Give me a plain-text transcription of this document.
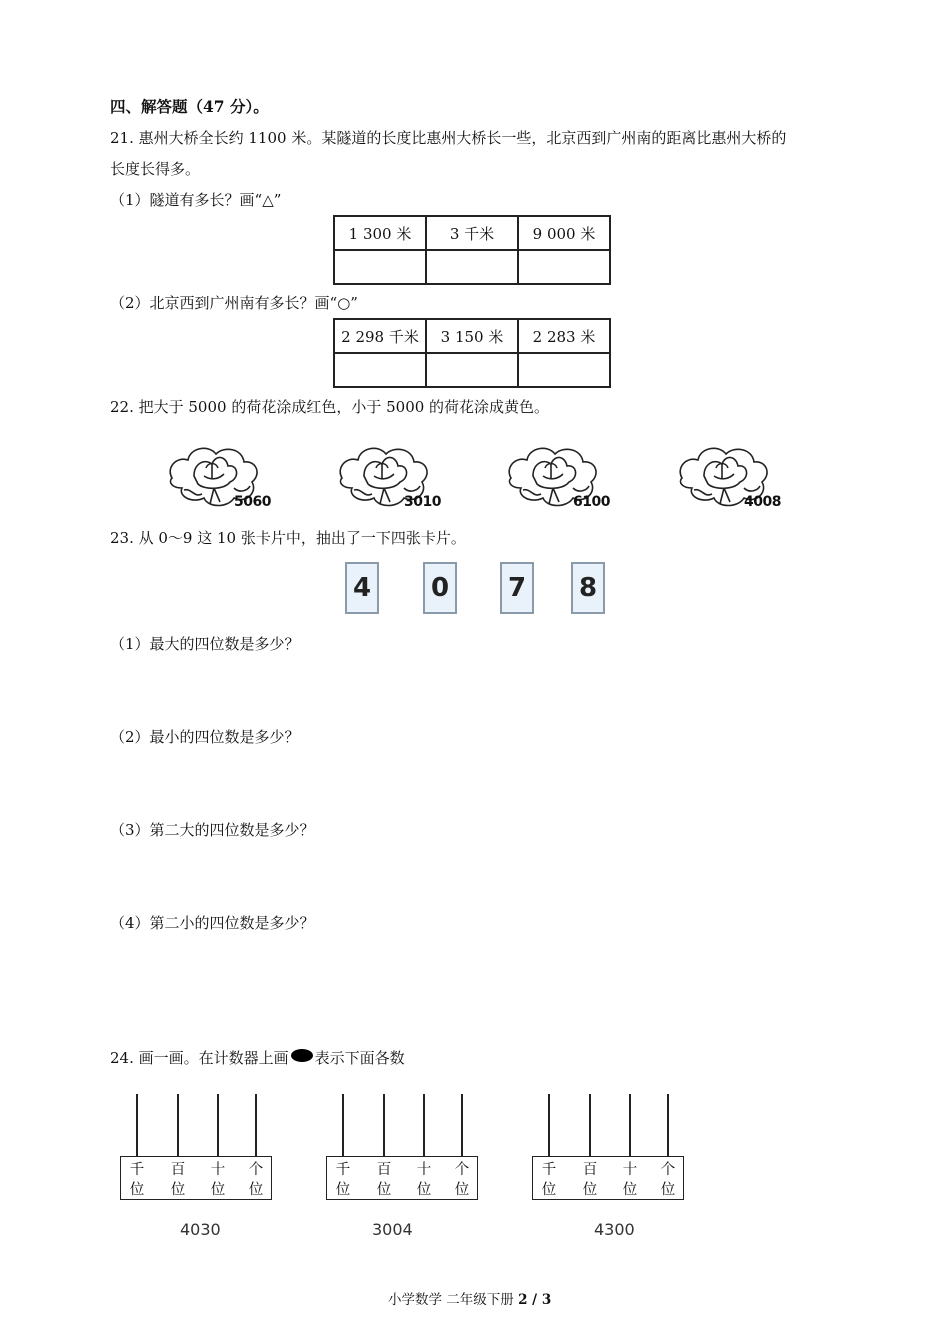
四、解答题（47 分）。
21. 惠州大桥全长约 1100 米。某隧道的长度比惠州大桥长一些，北京西到广州南的距离比惠州大桥的
长度长得多。
（1）隧道有多长？画“△”
1 300 米	3 千米	9 000 米

（2）北京西到广州南有多长？画“○”
2 298 千米	3 150 米	2 283 米

22. 把大于 5000 的荷花涂成红色，小于 5000 的荷花涂成黄色。
5060	3010	6100	4008
23. 从 0～9 这 10 张卡片中，抽出了一下四张卡片。
4	0	7	8
（1）最大的四位数是多少？
（2）最小的四位数是多少？
（3）第二大的四位数是多少？
（4）第二小的四位数是多少？
24. 画一画。在计数器上画 表示下面各数
千
位
百
位
十
位
个
位
4030
千
位
百
位
十
位
个
位
3004
千
位
百
位
十
位
个
位
4300
小学数学 二年级下册 2 / 3
